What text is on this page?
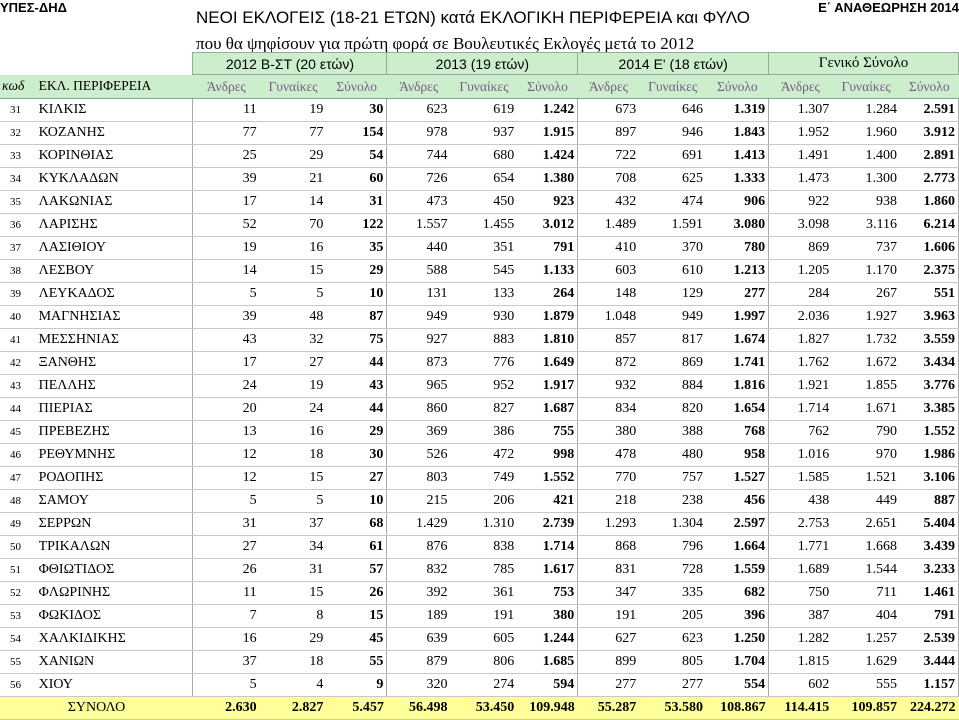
ΥΠΕΣ-ΔΗΔ	Ε΄ ΑΝΑΘΕΩΡΗΣΗ 2014
ΝΕΟΙ ΕΚΛΟΓΕΙΣ (18-21 ΕΤΩΝ) κατά ΕΚΛΟΓΙΚΗ ΠΕΡΙΦΕΡΕΙΑ και ΦΥΛΟ
που θα ψηφίσουν για πρώτη φορά σε Βουλευτικές Εκλογές μετά το 2012
		2012 Β-ΣΤ (20 ετών)			2013 (19 ετών)			2014 Ε' (18 ετών)			Γενικό Σύνολο		
κωδ	ΕΚΛ. ΠΕΡΙΦΕΡΕΙΑ	Άνδρες	Γυναίκες	Σύνολο	Άνδρες	Γυναίκες	Σύνολο	Άνδρες	Γυναίκες	Σύνολο	Άνδρες	Γυναίκες	Σύνολο
31	ΚΙΛΚΙΣ	11	19	30	623	619	1.242	673	646	1.319	1.307	1.284	2.591
32	ΚΟΖΑΝΗΣ	77	77	154	978	937	1.915	897	946	1.843	1.952	1.960	3.912
33	ΚΟΡΙΝΘΙΑΣ	25	29	54	744	680	1.424	722	691	1.413	1.491	1.400	2.891
34	ΚΥΚΛΑΔΩΝ	39	21	60	726	654	1.380	708	625	1.333	1.473	1.300	2.773
35	ΛΑΚΩΝΙΑΣ	17	14	31	473	450	923	432	474	906	922	938	1.860
36	ΛΑΡΙΣΗΣ	52	70	122	1.557	1.455	3.012	1.489	1.591	3.080	3.098	3.116	6.214
37	ΛΑΣΙΘΙΟΥ	19	16	35	440	351	791	410	370	780	869	737	1.606
38	ΛΕΣΒΟΥ	14	15	29	588	545	1.133	603	610	1.213	1.205	1.170	2.375
39	ΛΕΥΚΑΔΟΣ	5	5	10	131	133	264	148	129	277	284	267	551
40	ΜΑΓΝΗΣΙΑΣ	39	48	87	949	930	1.879	1.048	949	1.997	2.036	1.927	3.963
41	ΜΕΣΣΗΝΙΑΣ	43	32	75	927	883	1.810	857	817	1.674	1.827	1.732	3.559
42	ΞΑΝΘΗΣ	17	27	44	873	776	1.649	872	869	1.741	1.762	1.672	3.434
43	ΠΕΛΛΗΣ	24	19	43	965	952	1.917	932	884	1.816	1.921	1.855	3.776
44	ΠΙΕΡΙΑΣ	20	24	44	860	827	1.687	834	820	1.654	1.714	1.671	3.385
45	ΠΡΕΒΕΖΗΣ	13	16	29	369	386	755	380	388	768	762	790	1.552
46	ΡΕΘΥΜΝΗΣ	12	18	30	526	472	998	478	480	958	1.016	970	1.986
47	ΡΟΔΟΠΗΣ	12	15	27	803	749	1.552	770	757	1.527	1.585	1.521	3.106
48	ΣΑΜΟΥ	5	5	10	215	206	421	218	238	456	438	449	887
49	ΣΕΡΡΩΝ	31	37	68	1.429	1.310	2.739	1.293	1.304	2.597	2.753	2.651	5.404
50	ΤΡΙΚΑΛΩΝ	27	34	61	876	838	1.714	868	796	1.664	1.771	1.668	3.439
51	ΦΘΙΩΤΙΔΟΣ	26	31	57	832	785	1.617	831	728	1.559	1.689	1.544	3.233
52	ΦΛΩΡΙΝΗΣ	11	15	26	392	361	753	347	335	682	750	711	1.461
53	ΦΩΚΙΔΟΣ	7	8	15	189	191	380	191	205	396	387	404	791
54	ΧΑΛΚΙΔΙΚΗΣ	16	29	45	639	605	1.244	627	623	1.250	1.282	1.257	2.539
55	ΧΑΝΙΩΝ	37	18	55	879	806	1.685	899	805	1.704	1.815	1.629	3.444
56	ΧΙΟΥ	5	4	9	320	274	594	277	277	554	602	555	1.157
ΣΥΝΟΛΟ		2.630	2.827	5.457	56.498	53.450	109.948	55.287	53.580	108.867	114.415	109.857	224.272
